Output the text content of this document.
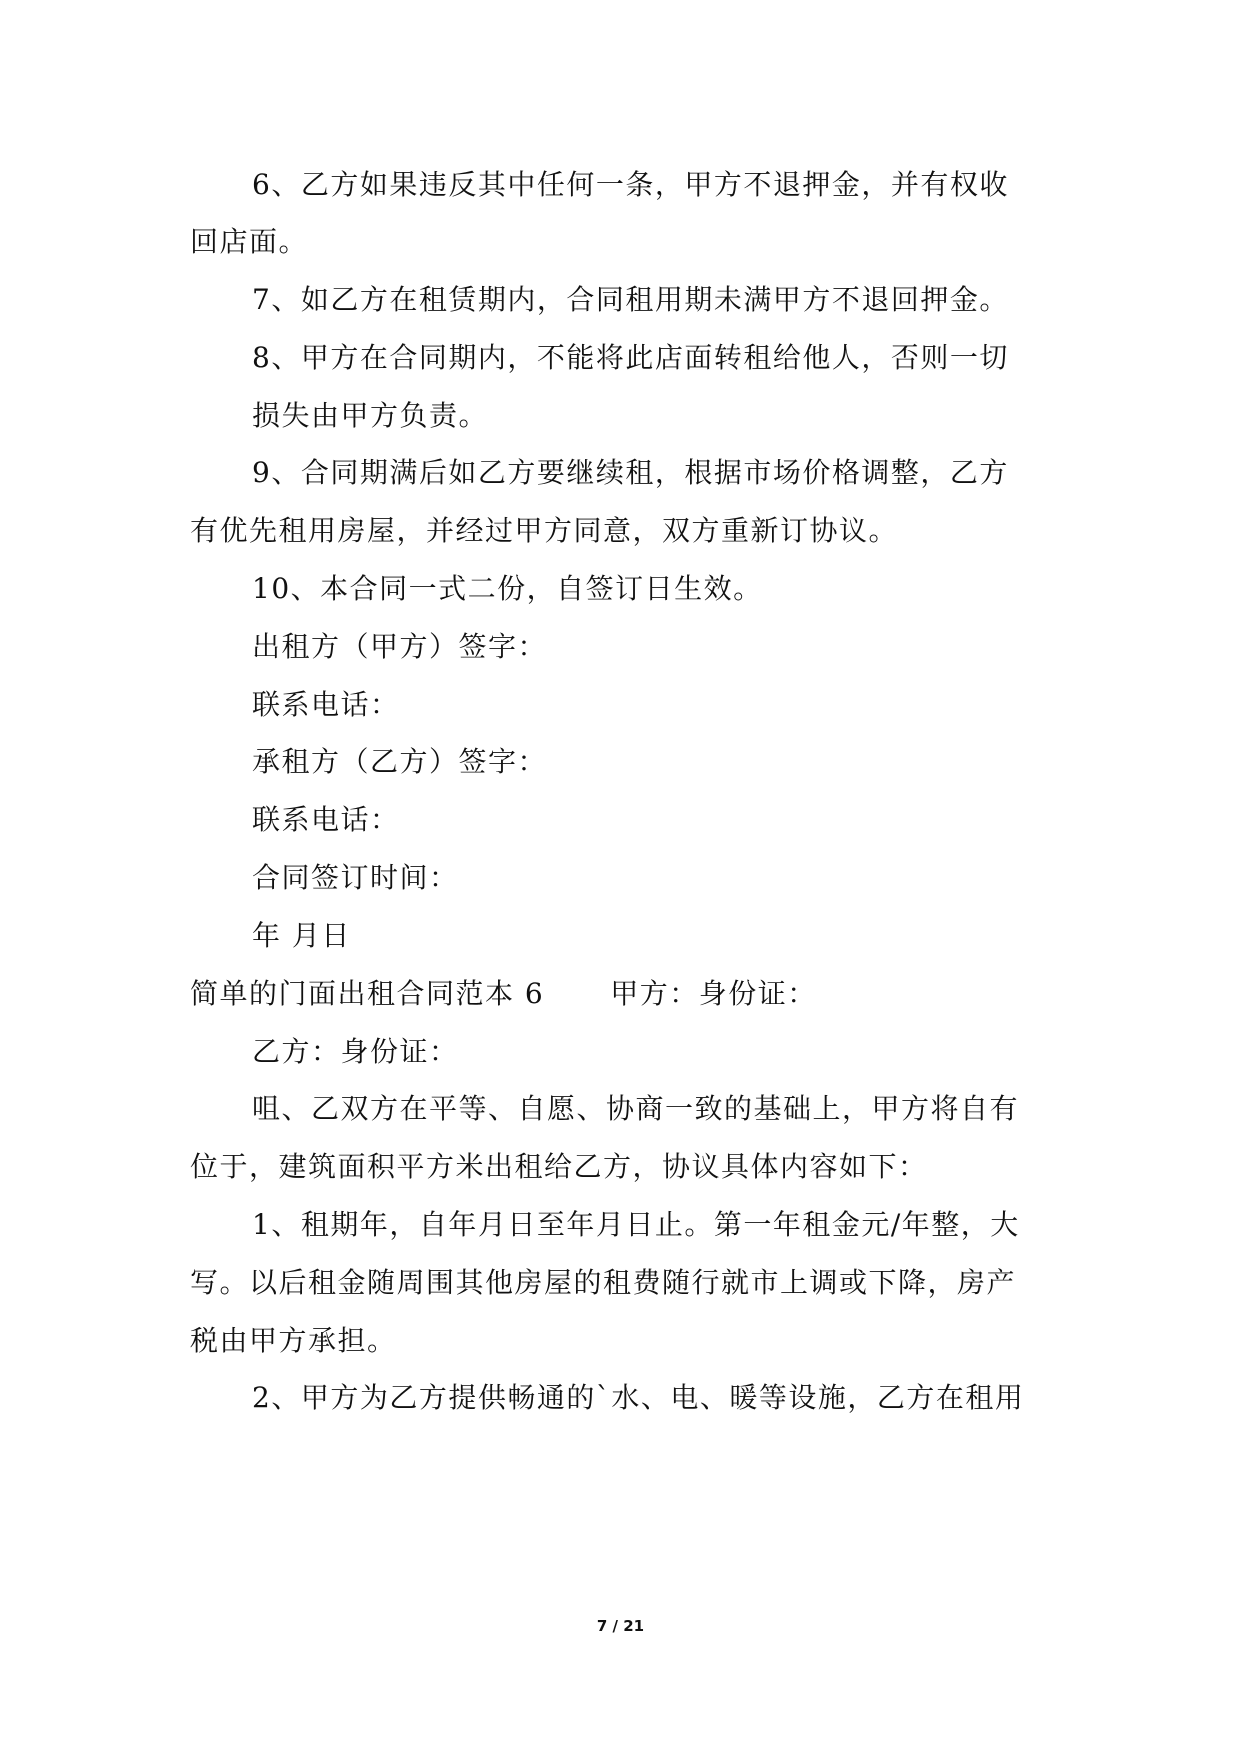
6、乙方如果违反其中任何一条，甲方不退押金，并有权收
回店面。
7、如乙方在租赁期内，合同租用期未满甲方不退回押金。
8、甲方在合同期内，不能将此店面转租给他人，否则一切
损失由甲方负责。
9、合同期满后如乙方要继续租，根据市场价格调整，乙方
有优先租用房屋，并经过甲方同意，双方重新订协议。
10、本合同一式二份，自签订日生效。
出租方（甲方）签字：
联系电话：
承租方（乙方）签字：
联系电话：
合同签订时间：
年 月日
简单的门面出租合同范本 6 甲方：身份证：
乙方：身份证：
咀、乙双方在平等、自愿、协商一致的基础上，甲方将自有
位于，建筑面积平方米出租给乙方，协议具体内容如下：
1、租期年，自年月日至年月日止。第一年租金元/年整，大
写。以后租金随周围其他房屋的租费随行就市上调或下降，房产
税由甲方承担。
2、甲方为乙方提供畅通的`水、电、暖等设施，乙方在租用
7 / 21
